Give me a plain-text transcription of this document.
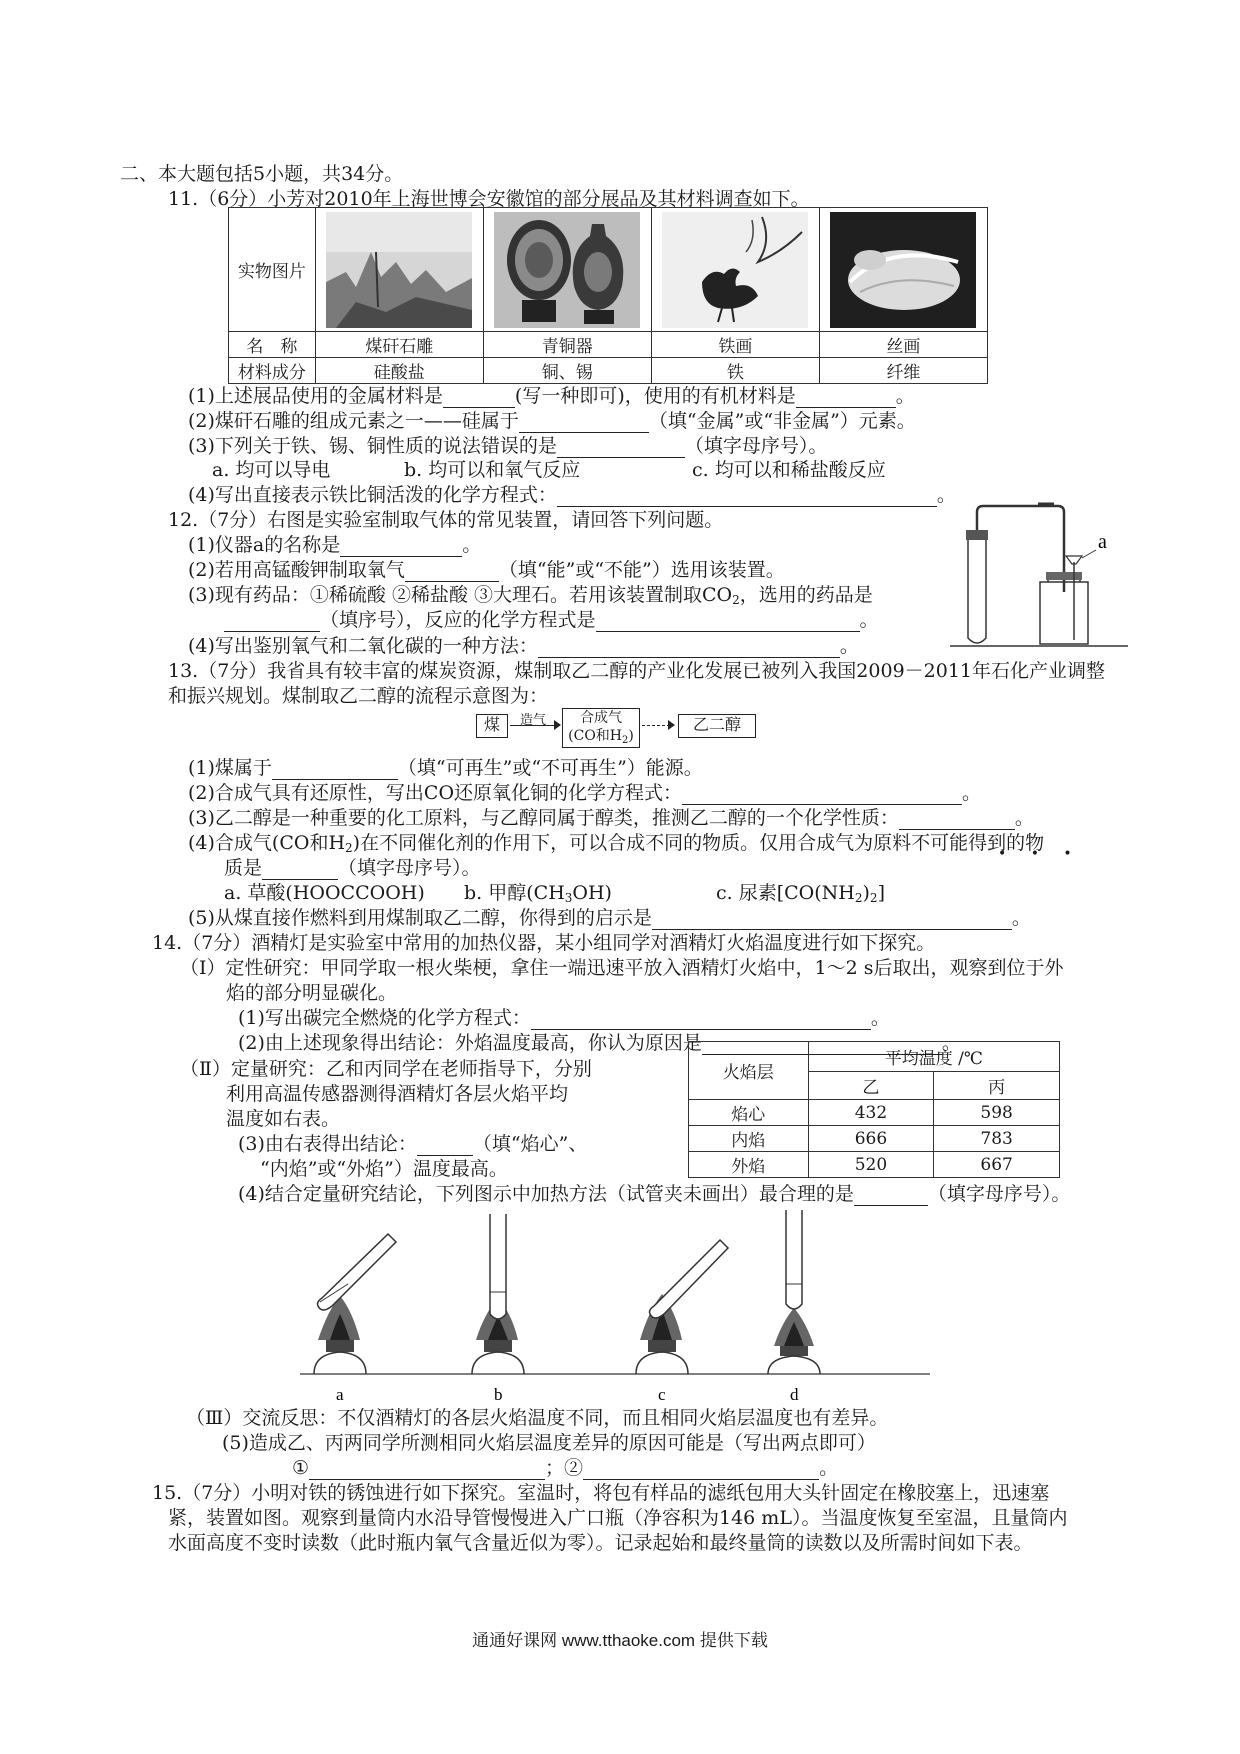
二、本大题包括5小题，共34分。
11.（6分）小芳对2010年上海世博会安徽馆的部分展品及其材料调查如下。
实物图片	

名　称	煤矸石雕	青铜器	铁画	丝画
材料成分	硅酸盐	铜、锡	铁	纤维
(1)上述展品使用的金属材料是	(写一种即可)，使用的有机材料是	。
(2)煤矸石雕的组成元素之一——硅属于	（填“金属”或“非金属”）元素。
(3)下列关于铁、锡、铜性质的说法错误的是	（填字母序号）。
a. 均可以导电	b. 均可以和氧气反应	c. 均可以和稀盐酸反应
(4)写出直接表示铁比铜活泼的化学方程式：	。
12.（7分）右图是实验室制取气体的常见装置，请回答下列问题。
(1)仪器a的名称是	。
(2)若用高锰酸钾制取氧气	（填“能”或“不能”）选用该装置。
(3)现有药品：①稀硫酸 ②稀盐酸 ③大理石。若用该装置制取$CO_2$，选用的药品是
（填序号），反应的化学方程式是	。
(4)写出鉴别氧气和二氧化碳的一种方法：	。
a
13.（7分）我省具有较丰富的煤炭资源，煤制取乙二醇的产业化发展已被列入我国2009－2011年石化产业调整
和振兴规划。煤制取乙二醇的流程示意图为：
煤	造气	合成气
(CO和$H_2$)
乙二醇
(1)煤属于	（填“可再生”或“不可再生”）能源。
(2)合成气具有还原性，写出CO还原氧化铜的化学方程式：	。
(3)乙二醇是一种重要的化工原料，与乙醇同属于醇类，推测乙二醇的一个化学性质：	。
(4)合成气(CO和$H_2$)在不同催化剂的作用下，可以合成不同的物质。仅用合成气为原料不可能得到的物
• • •
质是	（填字母序号）。
a. 草酸(HOOCCOOH) b. 甲醇$(CH_3OH)$	c. 尿素$[CO(NH_2)_2]$
(5)从煤直接作燃料到用煤制取乙二醇，你得到的启示是	。
14.（7分）酒精灯是实验室中常用的加热仪器，某小组同学对酒精灯火焰温度进行如下探究。
（Ⅰ）定性研究：甲同学取一根火柴梗，拿住一端迅速平放入酒精灯火焰中，1～2 s后取出，观察到位于外
焰的部分明显碳化。
(1)写出碳完全燃烧的化学方程式：	。
(2)由上述现象得出结论：外焰温度最高，你认为原因是	。
（Ⅱ）定量研究：乙和丙同学在老师指导下，分别
利用高温传感器测得酒精灯各层火焰平均
温度如右表。
(3)由右表得出结论：	（填“焰心”、
“内焰”或“外焰”）温度最高。
火焰层	平均温度 /℃	
	乙	丙
焰心	432	598
内焰	666	783
外焰	520	667
(4)结合定量研究结论，下列图示中加热方法（试管夹未画出）最合理的是	（填字母序号）。
a	b	c	d
（Ⅲ）交流反思：不仅酒精灯的各层火焰温度不同，而且相同火焰层温度也有差异。
(5)造成乙、丙两同学所测相同火焰层温度差异的原因可能是（写出两点即可）
①	；②	。
15.（7分）小明对铁的锈蚀进行如下探究。室温时，将包有样品的滤纸包用大头针固定在橡胶塞上，迅速塞
紧，装置如图。观察到量筒内水沿导管慢慢进入广口瓶（净容积为146 mL）。当温度恢复至室温，且量筒内
水面高度不变时读数（此时瓶内氧气含量近似为零）。记录起始和最终量筒的读数以及所需时间如下表。
通通好课网 www.tthaoke.com 提供下载
